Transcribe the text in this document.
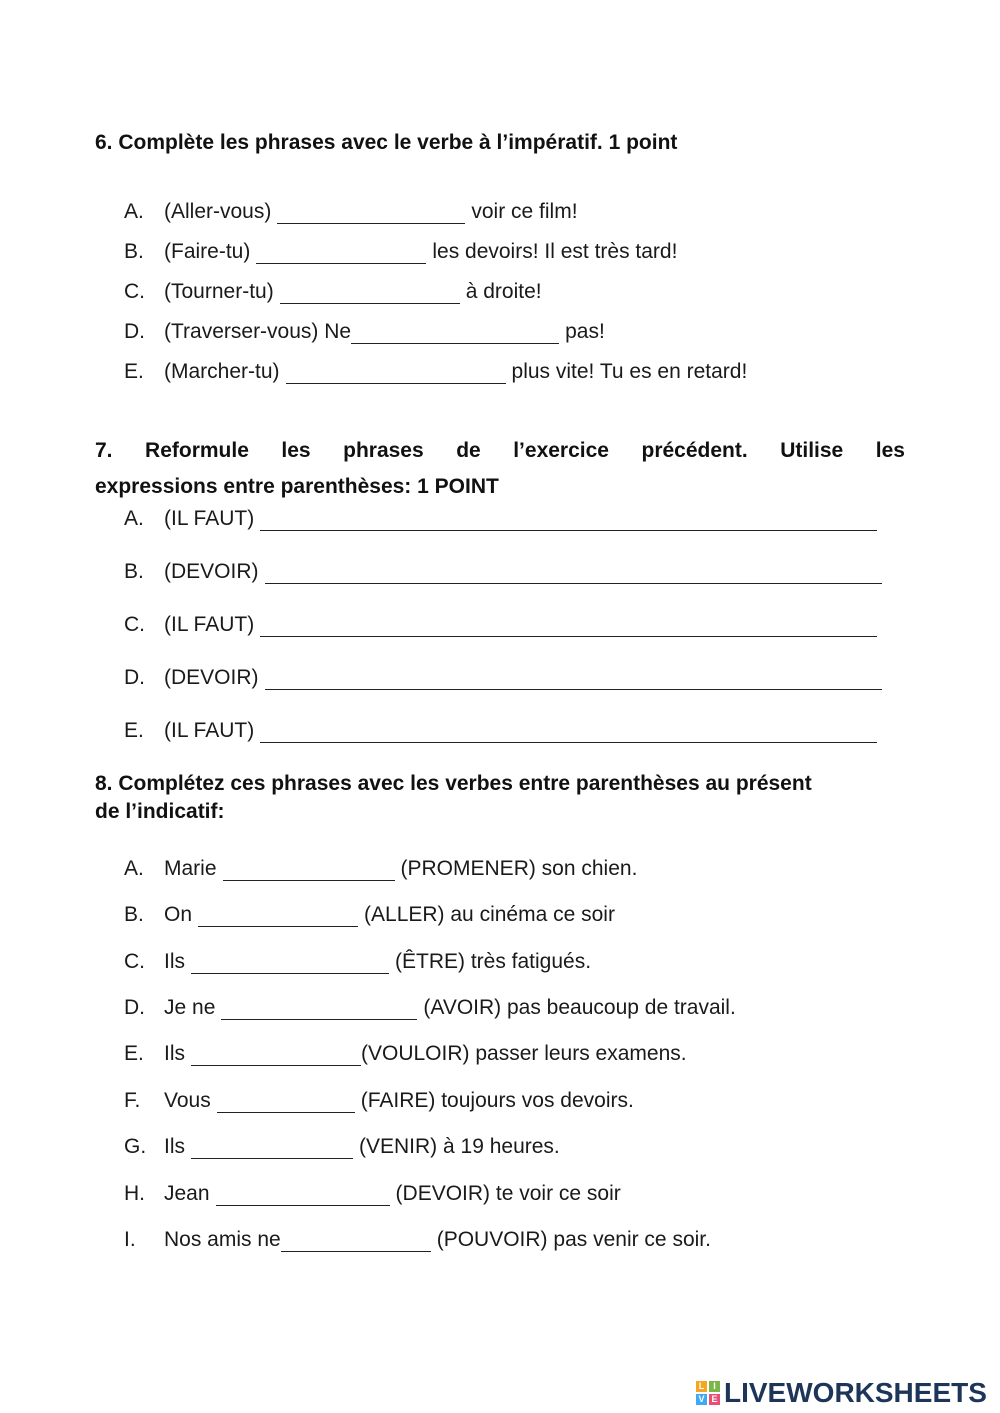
6. Complète les phrases avec le verbe à l’impératif. 1 point
A. (Aller-vous)	voir ce film!
B. (Faire-tu)	les devoirs! Il est très tard!
C. (Tourner-tu)	à droite!
D. (Traverser-vous) Ne	pas!
E. (Marcher-tu)	plus vite! Tu es en retard!
7. Reformule les phrases de l’exercice précédent. Utilise les
expressions entre parenthèses: 1 POINT
A. (IL FAUT)
B. (DEVOIR)
C. (IL FAUT)
D. (DEVOIR)
E. (IL FAUT)
8. Complétez ces phrases avec les verbes entre parenthèses au présent
de l’indicatif:
A. Marie	(PROMENER) son chien.
B. On	(ALLER) au cinéma ce soir
C. Ils	(ÊTRE) très fatigués.
D. Je ne	(AVOIR) pas beaucoup de travail.
E. Ils	(VOULOIR) passer leurs examens.
F. Vous	(FAIRE) toujours vos devoirs.
G. Ils	(VENIR) à 19 heures.
H. Jean	(DEVOIR) te voir ce soir
I. Nos amis ne	(POUVOIR) pas venir ce soir.
L I
V E LIVEWORKSHEETS
